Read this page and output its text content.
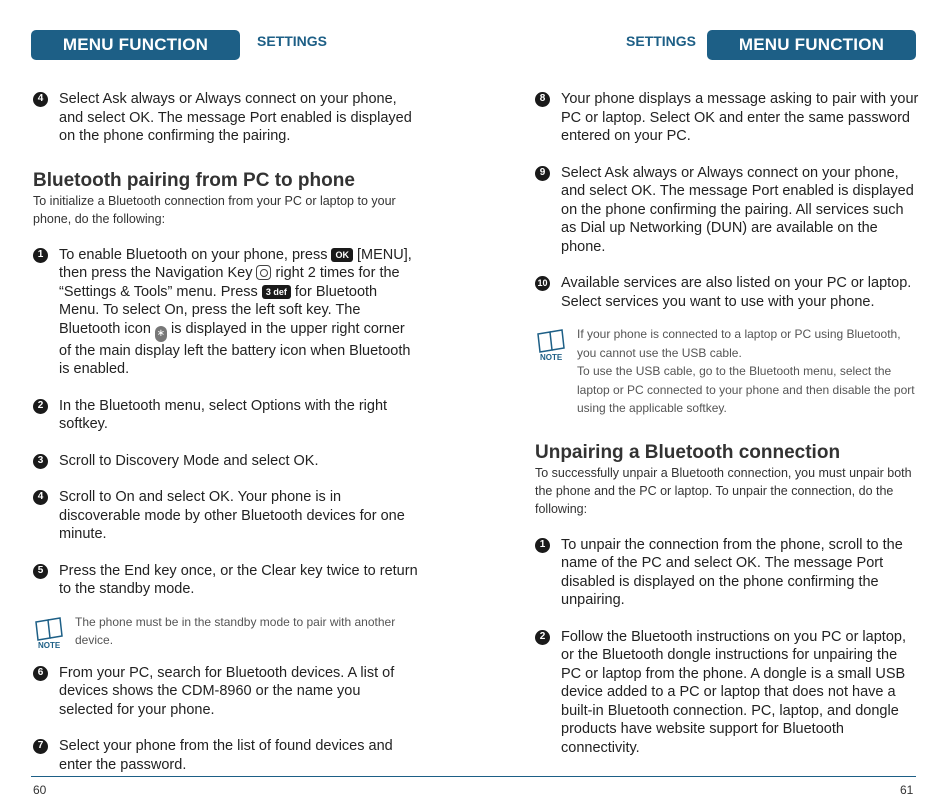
MENU FUNCTION	SETTINGS	SETTINGS	MENU FUNCTION
4	Select Ask always or Always connect on your phone, and select OK. The message Port enabled is displayed on the phone confirming the pairing.
Bluetooth pairing from PC to phone
To initialize a Bluetooth connection from your PC or laptop to your phone, do the following:
1	To enable Bluetooth on your phone, press OK [MENU], then press the Navigation Key right 2 times for the “Settings & Tools” menu. Press 3 def for Bluetooth Menu. To select On, press the left soft key. The Bluetooth icon ∗ is displayed in the upper right corner of the main display left the battery icon when Bluetooth is enabled.
2	In the Bluetooth menu, select Options with the right softkey.
3	Scroll to Discovery Mode and select OK.
4	Scroll to On and select OK. Your phone is in discoverable mode by other Bluetooth devices for one minute.
5	Press the End key once, or the Clear key twice to return to the standby mode.
NOTE
The phone must be in the standby mode to pair with another device.
6	From your PC, search for Bluetooth devices. A list of devices shows the CDM-8960 or the name you selected for your phone.
7	Select your phone from the list of found devices and enter the password.
8	Your phone displays a message asking to pair with your PC or laptop. Select OK and enter the same password entered on your PC.
9	Select Ask always or Always connect on your phone, and select OK. The message Port enabled is displayed on the phone confirming the pairing. All services such as Dial up Networking (DUN) are available on the phone.
10 Available services are also listed on your PC or laptop. Select services you want to use with your phone.
NOTE
If your phone is connected to a laptop or PC using Bluetooth, you cannot use the USB cable.
To use the USB cable, go to the Bluetooth menu, select the laptop or PC connected to your phone and then disable the port using the applicable softkey.
Unpairing a Bluetooth connection
To successfully unpair a Bluetooth connection, you must unpair both the phone and the PC or laptop. To unpair the connection, do the following:
1	To unpair the connection from the phone, scroll to the name of the PC and select OK. The message Port disabled is displayed on the phone confirming the unpairing.
2	Follow the Bluetooth instructions on you PC or laptop, or the Bluetooth dongle instructions for unpairing the PC or laptop from the phone. A dongle is a small USB device added to a PC or laptop that does not have a built-in Bluetooth connection. PC, laptop, and dongle products have website support for Bluetooth connectivity.
60	61
